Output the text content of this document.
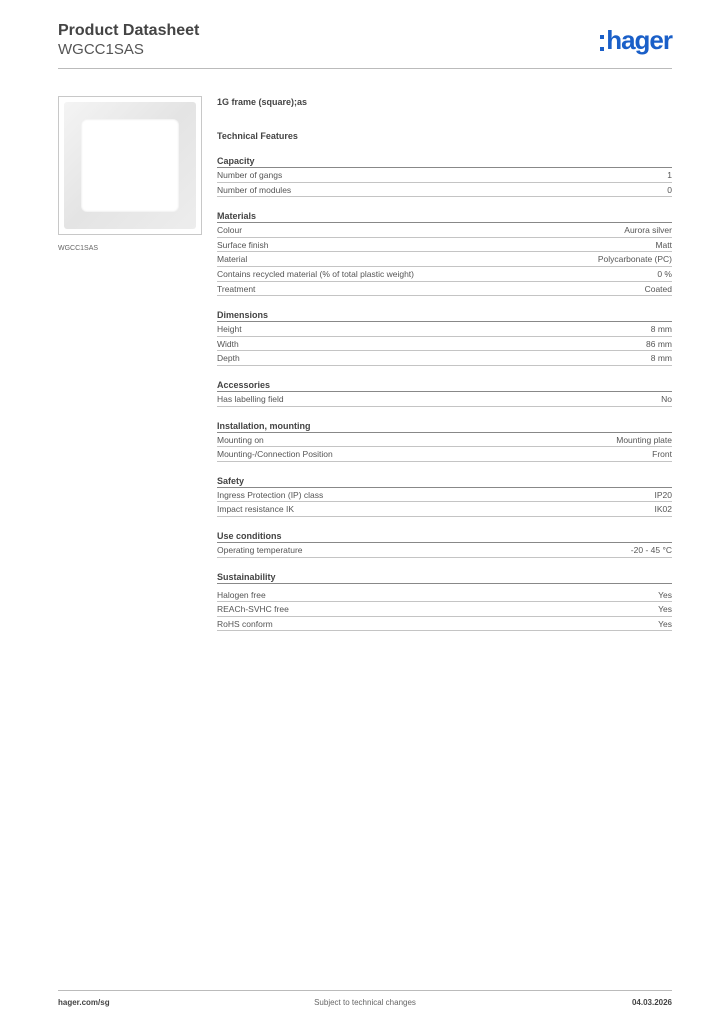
Product Datasheet
WGCC1SAS	hager
WGCC1SAS
1G frame (square);as
Technical Features
Capacity
Number of gangs	1
Number of modules	0
Materials
Colour	Aurora silver
Surface finish	Matt
Material	Polycarbonate (PC)
Contains recycled material (% of total plastic weight)	0 %
Treatment	Coated
Dimensions
Height	8 mm
Width	86 mm
Depth	8 mm
Accessories
Has labelling field	No
Installation, mounting
Mounting on	Mounting plate
Mounting-/Connection Position	Front
Safety
Ingress Protection (IP) class	IP20
Impact resistance IK	IK02
Use conditions
Operating temperature	-20 - 45 °C
Sustainability
Halogen free	Yes
REACh-SVHC free	Yes
RoHS conform	Yes
hager.com/sg	Subject to technical changes	04.03.2026
